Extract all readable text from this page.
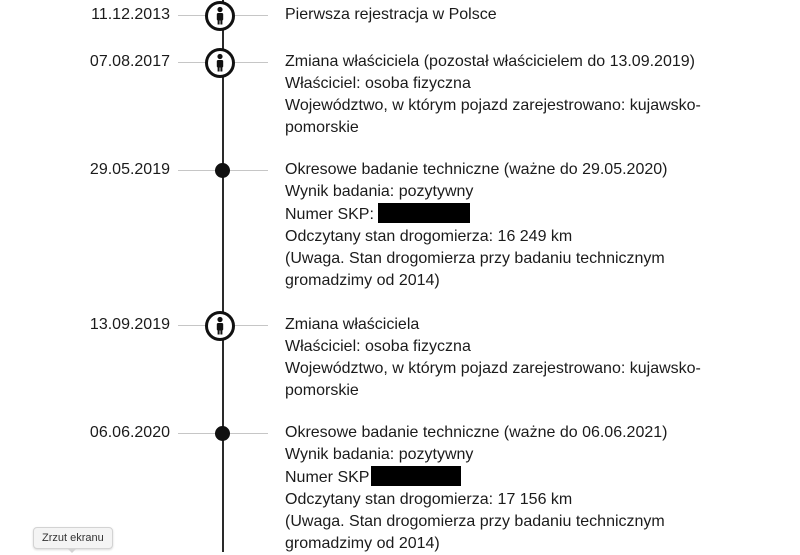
11.12.2013	Pierwsza rejestracja w Polsce
07.08.2017	Zmiana właściciela (pozostał właścicielem do 13.09.2019)
Właściciel: osoba fizyczna
Województwo, w którym pojazd zarejestrowano: kujawsko-
pomorskie
29.05.2019	Okresowe badanie techniczne (ważne do 29.05.2020)
Wynik badania: pozytywny
Numer SKP:
Odczytany stan drogomierza: 16 249 km
(Uwaga. Stan drogomierza przy badaniu technicznym
gromadzimy od 2014)
13.09.2019	Zmiana właściciela
Właściciel: osoba fizyczna
Województwo, w którym pojazd zarejestrowano: kujawsko-
pomorskie
06.06.2020	Okresowe badanie techniczne (ważne do 06.06.2021)
Wynik badania: pozytywny
Numer SKP
Odczytany stan drogomierza: 17 156 km
(Uwaga. Stan drogomierza przy badaniu technicznym
gromadzimy od 2014)
Zrzut ekranu
